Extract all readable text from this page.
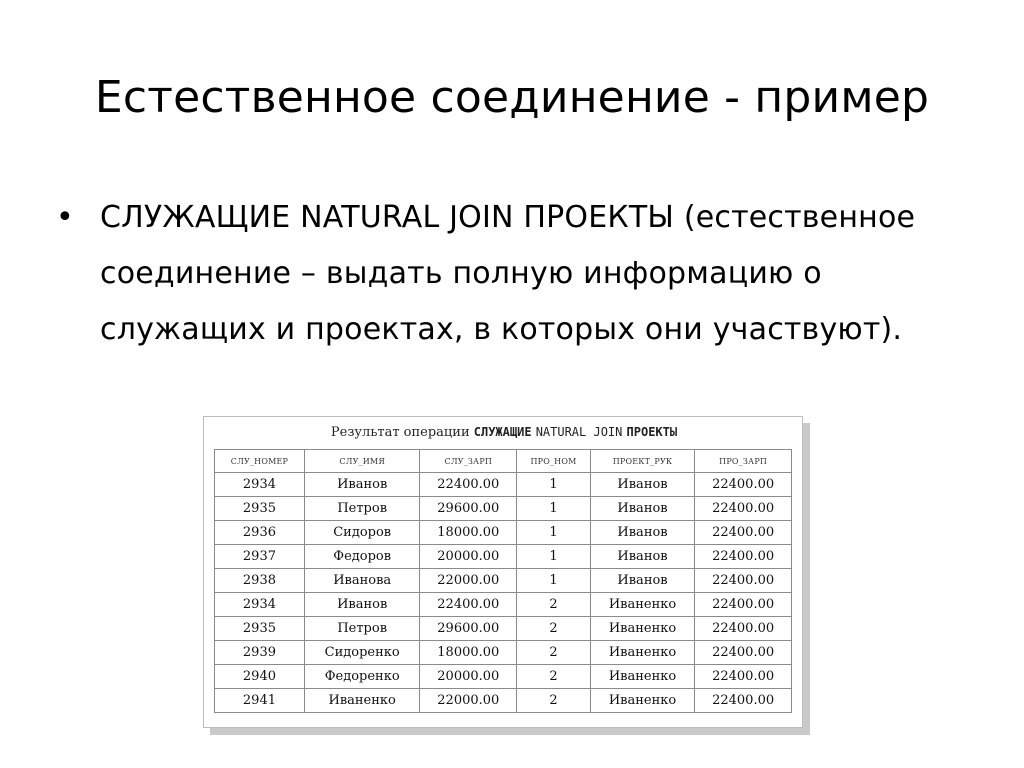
Естественное соединение - пример
• СЛУЖАЩИЕ NATURAL JOIN ПРОЕКТЫ (естественное соединение – выдать полную информацию о служащих и проектах, в которых они участвуют).
Результат операции СЛУЖАЩИЕ NATURAL JOIN ПРОЕКТЫ
СЛУ_НОМЕР	СЛУ_ИМЯ	СЛУ_ЗАРП	ПРО_НОМ	ПРОЕКТ_РУК	ПРО_ЗАРП
2934	Иванов	22400.00	1	Иванов	22400.00
2935	Петров	29600.00	1	Иванов	22400.00
2936	Сидоров	18000.00	1	Иванов	22400.00
2937	Федоров	20000.00	1	Иванов	22400.00
2938	Иванова	22000.00	1	Иванов	22400.00
2934	Иванов	22400.00	2	Иваненко	22400.00
2935	Петров	29600.00	2	Иваненко	22400.00
2939	Сидоренко	18000.00	2	Иваненко	22400.00
2940	Федоренко	20000.00	2	Иваненко	22400.00
2941	Иваненко	22000.00	2	Иваненко	22400.00
